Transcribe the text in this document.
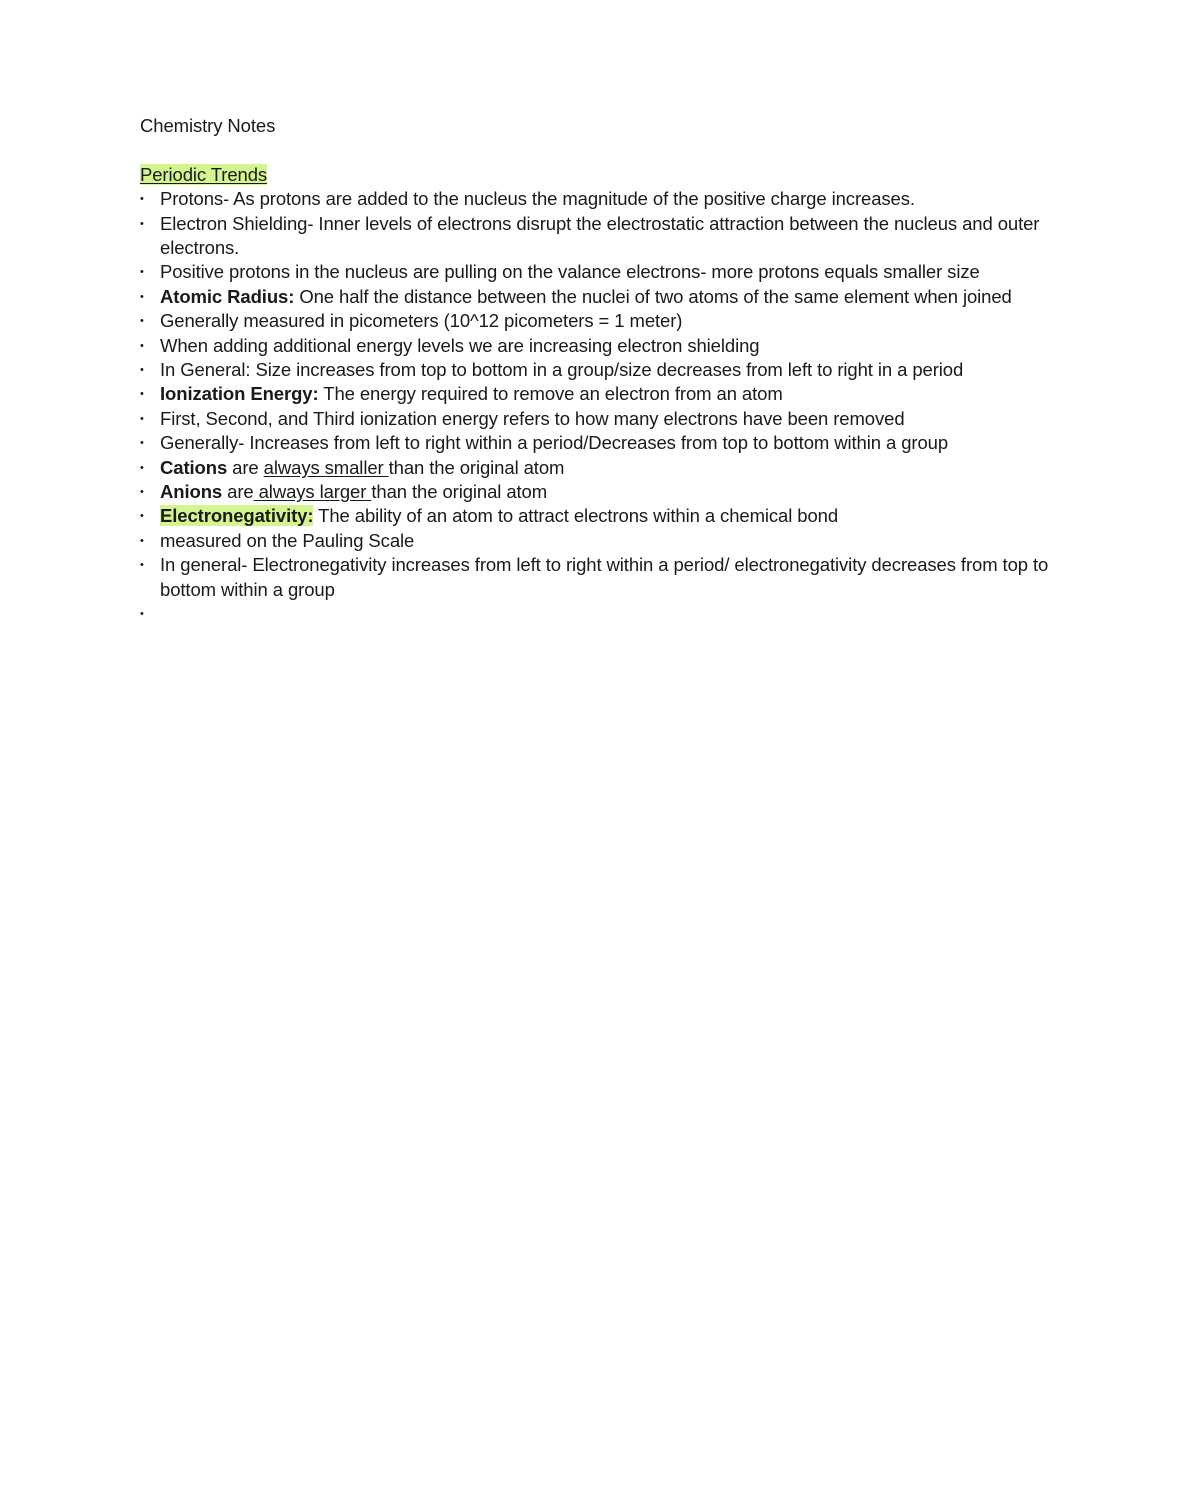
Chemistry Notes
Periodic Trends
• Protons- As protons are added to the nucleus the magnitude of the positive charge increases.
• Electron Shielding- Inner levels of electrons disrupt the electrostatic attraction between the nucleus and outer electrons.
• Positive protons in the nucleus are pulling on the valance electrons- more protons equals smaller size
• Atomic Radius: One half the distance between the nuclei of two atoms of the same element when joined
• Generally measured in picometers (10^12 picometers = 1 meter)
• When adding additional energy levels we are increasing electron shielding
• In General: Size increases from top to bottom in a group/size decreases from left to right in a period
• Ionization Energy: The energy required to remove an electron from an atom
• First, Second, and Third ionization energy refers to how many electrons have been removed
• Generally- Increases from left to right within a period/Decreases from top to bottom within a group
• Cations are always smaller than the original atom
• Anions are always larger than the original atom
• Electronegativity: The ability of an atom to attract electrons within a chemical bond
• measured on the Pauling Scale
• In general- Electronegativity increases from left to right within a period/ electronegativity decreases from top to bottom within a group
•
